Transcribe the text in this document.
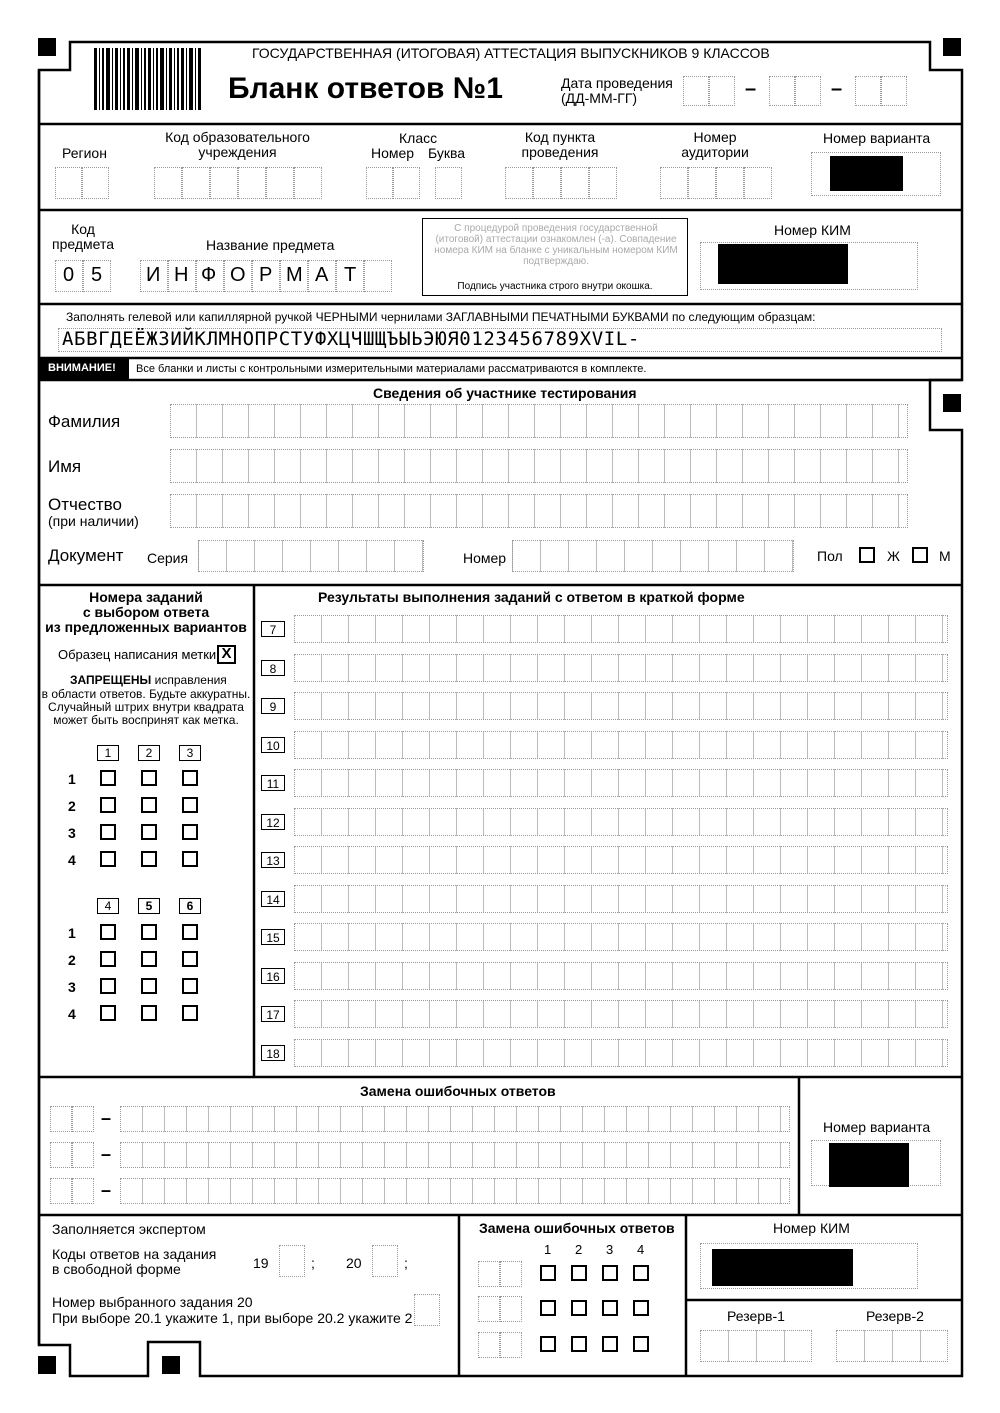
ГОСУДАРСТВЕННАЯ (ИТОГОВАЯ) АТТЕСТАЦИЯ ВЫПУСКНИКОВ 9 КЛАССОВ
Бланк ответов №1	Дата проведения
(ДД-ММ-ГГ)	–	–
Регион
Код образовательного учреждения
Класс
Номер Буква
Код пункта проведения
Номер аудитории
Номер варианта
Код предмета	Название предмета
0 5 И Н Ф О Р М А Т
С процедурой проведения государственной (итоговой) аттестации ознакомлен (-а). Совпадение номера КИМ на бланке с уникальным номером КИМ подтверждаю.
Подпись участника строго внутри окошка.
Номер КИМ
Заполнять гелевой или капиллярной ручкой ЧЕРНЫМИ чернилами ЗАГЛАВНЫМИ ПЕЧАТНЫМИ БУКВАМИ по следующим образцам:
АБВГДЕЁЖЗИЙКЛМНОПРСТУФХЦЧШЩЪЫЬЭЮЯ0123456789XVIL-
ВНИМАНИЕ! Все бланки и листы с контрольными измерительными материалами рассматриваются в комплекте.
Сведения об участнике тестирования
Фамилия
Имя
Отчество
(при наличии)
Документ Серия	Номер	Пол	Ж	М
Номера заданий
с выбором ответа
из предложенных вариантов
Образец написания метки X
ЗАПРЕЩЕНЫ исправления
в области ответов. Будьте аккуратны.
Случайный штрих внутри квадрата
может быть воспринят как метка.
1	2	3
1
2
3
4
4	5	6
1
2
3
4
Результаты выполнения заданий с ответом в краткой форме
7
8
9
10
11
12
13
14
15
16
17
18
Замена ошибочных ответов
–
–
–
Номер варианта
Заполняется экспертом
Коды ответов на задания
в свободной форме	19	; 20	;
Номер выбранного задания 20
При выборе 20.1 укажите 1, при выборе 20.2 укажите 2
Замена ошибочных ответов
1 2 3 4
Номер КИМ
Резерв-1	Резерв-2
